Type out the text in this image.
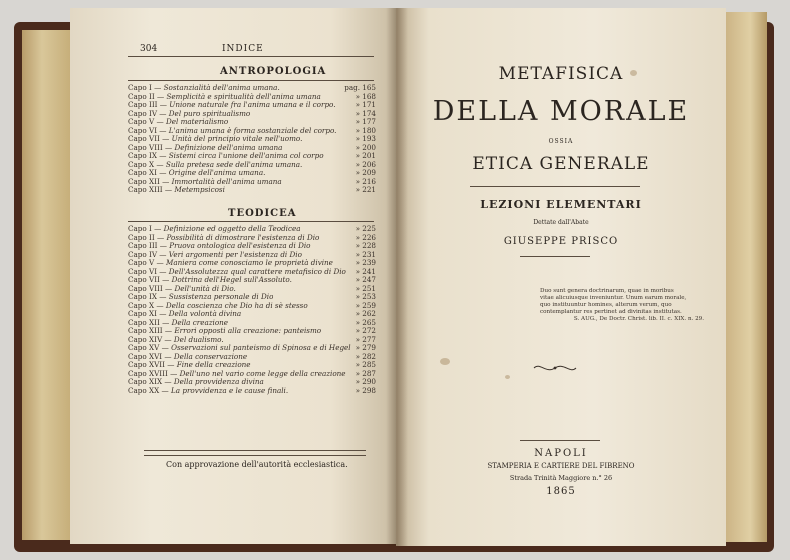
304	INDICE
ANTROPOLOGIA
Capo I — Sostanzialità dell'anima umana.	pag. 165
Capo II — Semplicità e spiritualità dell'anima umana	» 168
Capo III — Unione naturale fra l'anima umana e il corpo.	» 171
Capo IV — Del puro spiritualismo	» 174
Capo V — Del materialismo	» 177
Capo VI — L'anima umana è forma sostanziale del corpo.	» 180
Capo VII — Unità del principio vitale nell'uomo.	» 193
Capo VIII — Definizione dell'anima umana	» 200
Capo IX — Sistemi circa l'unione dell'anima col corpo	» 201
Capo X — Sulla pretesa sede dell'anima umana.	» 206
Capo XI — Origine dell'anima umana.	» 209
Capo XII — Immortalità dell'anima umana	» 216
Capo XIII — Metempsicosi	» 221
TEODICEA
Capo I — Definizione ed oggetto della Teodicea	» 225
Capo II — Possibilità di dimostrare l'esistenza di Dio	» 226
Capo III — Pruova ontologica dell'esistenza di Dio	» 228
Capo IV — Veri argomenti per l'esistenza di Dio	» 231
Capo V — Maniera come conosciamo le proprietà divine	» 239
Capo VI — Dell'Assolutezza qual carattere metafisico di Dio	» 241
Capo VII — Dottrina dell'Hegel sull'Assoluto.	» 247
Capo VIII — Dell'unità di Dio.	» 251
Capo IX — Sussistenza personale di Dio	» 253
Capo X — Della coscienza che Dio ha di sè stesso	» 259
Capo XI — Della volontà divina	» 262
Capo XII — Della creazione	» 265
Capo XIII — Errori opposti alla creazione: panteismo	» 272
Capo XIV — Del dualismo.	» 277
Capo XV — Osservazioni sul panteismo di Spinosa e di Hegel » 279
Capo XVI — Della conservazione	» 282
Capo XVII — Fine della creazione	» 285
Capo XVIII — Dell'uno nel vario come legge della creazione	» 287
Capo XIX — Della provvidenza divina	» 290
Capo XX — La provvidenza e le cause finali.	» 298
Con approvazione dell'autorità ecclesiastica.
METAFISICA
DELLA MORALE
OSSIA
ETICA GENERALE
LEZIONI ELEMENTARI
Dettate dall'Abate
GIUSEPPE PRISCO
Duo sunt genera doctrinarum, quae in moribus
vitae alicuiusque inveniuntur. Unum earum morale,
quo instituuntur homines, alterum verum, quo
contemplantur res pertinet ad divinitas institutas.
S. AUG., De Doctr. Christ. lib. II. c. XIX. n. 29.
NAPOLI
STAMPERIA E CARTIERE DEL FIBRENO
Strada Trinità Maggiore n.° 26
1865
